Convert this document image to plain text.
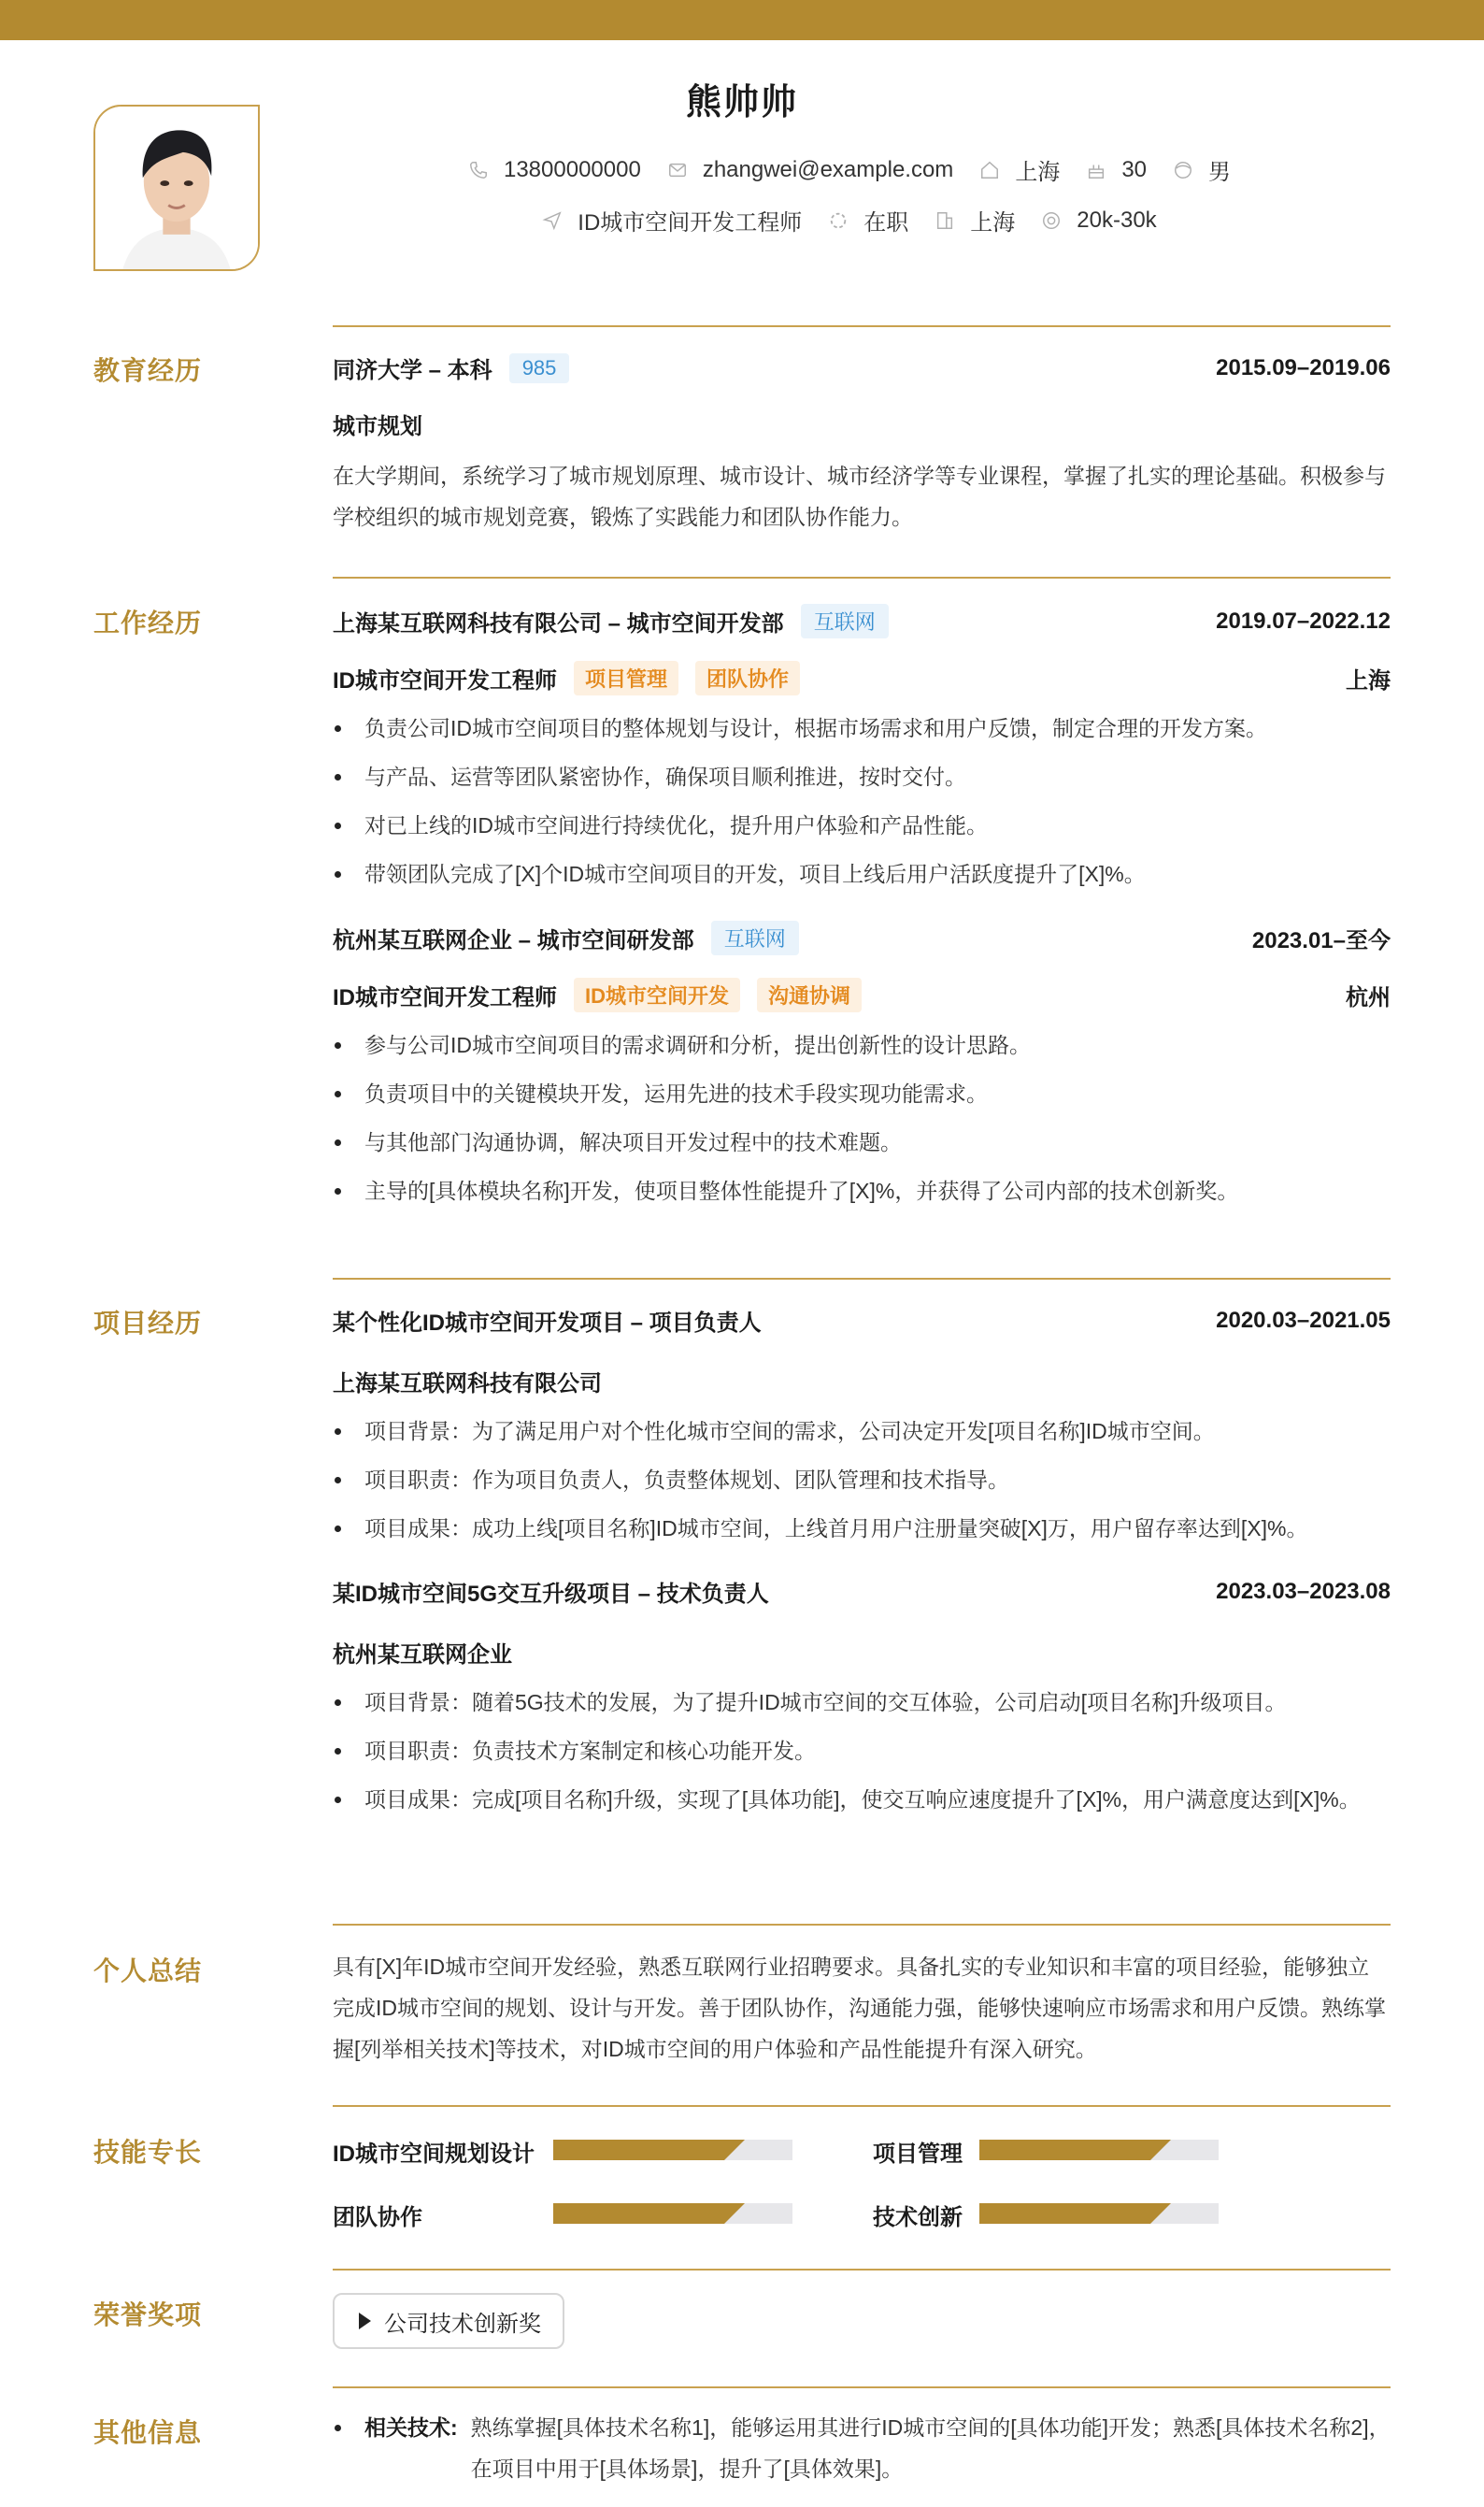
熊帅帅
13800000000	zhangwei@example.com	上海	30	男
ID城市空间开发工程师	在职	上海	20k-30k
教育经历	同济大学 – 本科	985	2015.09–2019.06
城市规划
在大学期间，系统学习了城市规划原理、城市设计、城市经济学等专业课程，掌握了扎实的理论基础。积极参与学校组织的城市规划竞赛，锻炼了实践能力和团队协作能力。
工作经历	上海某互联网科技有限公司 – 城市空间开发部	互联网	2019.07–2022.12
ID城市空间开发工程师	项目管理	团队协作	上海
负责公司ID城市空间项目的整体规划与设计，根据市场需求和用户反馈，制定合理的开发方案。
与产品、运营等团队紧密协作，确保项目顺利推进，按时交付。
对已上线的ID城市空间进行持续优化，提升用户体验和产品性能。
带领团队完成了[X]个ID城市空间项目的开发，项目上线后用户活跃度提升了[X]%。
杭州某互联网企业 – 城市空间研发部	互联网	2023.01–至今
ID城市空间开发工程师	ID城市空间开发	沟通协调	杭州
参与公司ID城市空间项目的需求调研和分析，提出创新性的设计思路。
负责项目中的关键模块开发，运用先进的技术手段实现功能需求。
与其他部门沟通协调，解决项目开发过程中的技术难题。
主导的[具体模块名称]开发，使项目整体性能提升了[X]%，并获得了公司内部的技术创新奖。
项目经历	某个性化ID城市空间开发项目 – 项目负责人	2020.03–2021.05
上海某互联网科技有限公司
项目背景：为了满足用户对个性化城市空间的需求，公司决定开发[项目名称]ID城市空间。
项目职责：作为项目负责人，负责整体规划、团队管理和技术指导。
项目成果：成功上线[项目名称]ID城市空间，上线首月用户注册量突破[X]万，用户留存率达到[X]%。
某ID城市空间5G交互升级项目 – 技术负责人	2023.03–2023.08
杭州某互联网企业
项目背景：随着5G技术的发展，为了提升ID城市空间的交互体验，公司启动[项目名称]升级项目。
项目职责：负责技术方案制定和核心功能开发。
项目成果：完成[项目名称]升级，实现了[具体功能]，使交互响应速度提升了[X]%，用户满意度达到[X]%。
个人总结	具有[X]年ID城市空间开发经验，熟悉互联网行业招聘要求。具备扎实的专业知识和丰富的项目经验，能够独立完成ID城市空间的规划、设计与开发。善于团队协作，沟通能力强，能够快速响应市场需求和用户反馈。熟练掌握[列举相关技术]等技术，对ID城市空间的用户体验和产品性能提升有深入研究。
技能专长	ID城市空间规划设计	项目管理
团队协作	技术创新
荣誉奖项	公司技术创新奖
其他信息	相关技术: 熟练掌握[具体技术名称1]，能够运用其进行ID城市空间的[具体功能]开发；熟悉[具体技术名称2]，在项目中用于[具体场景]，提升了[具体效果]。
